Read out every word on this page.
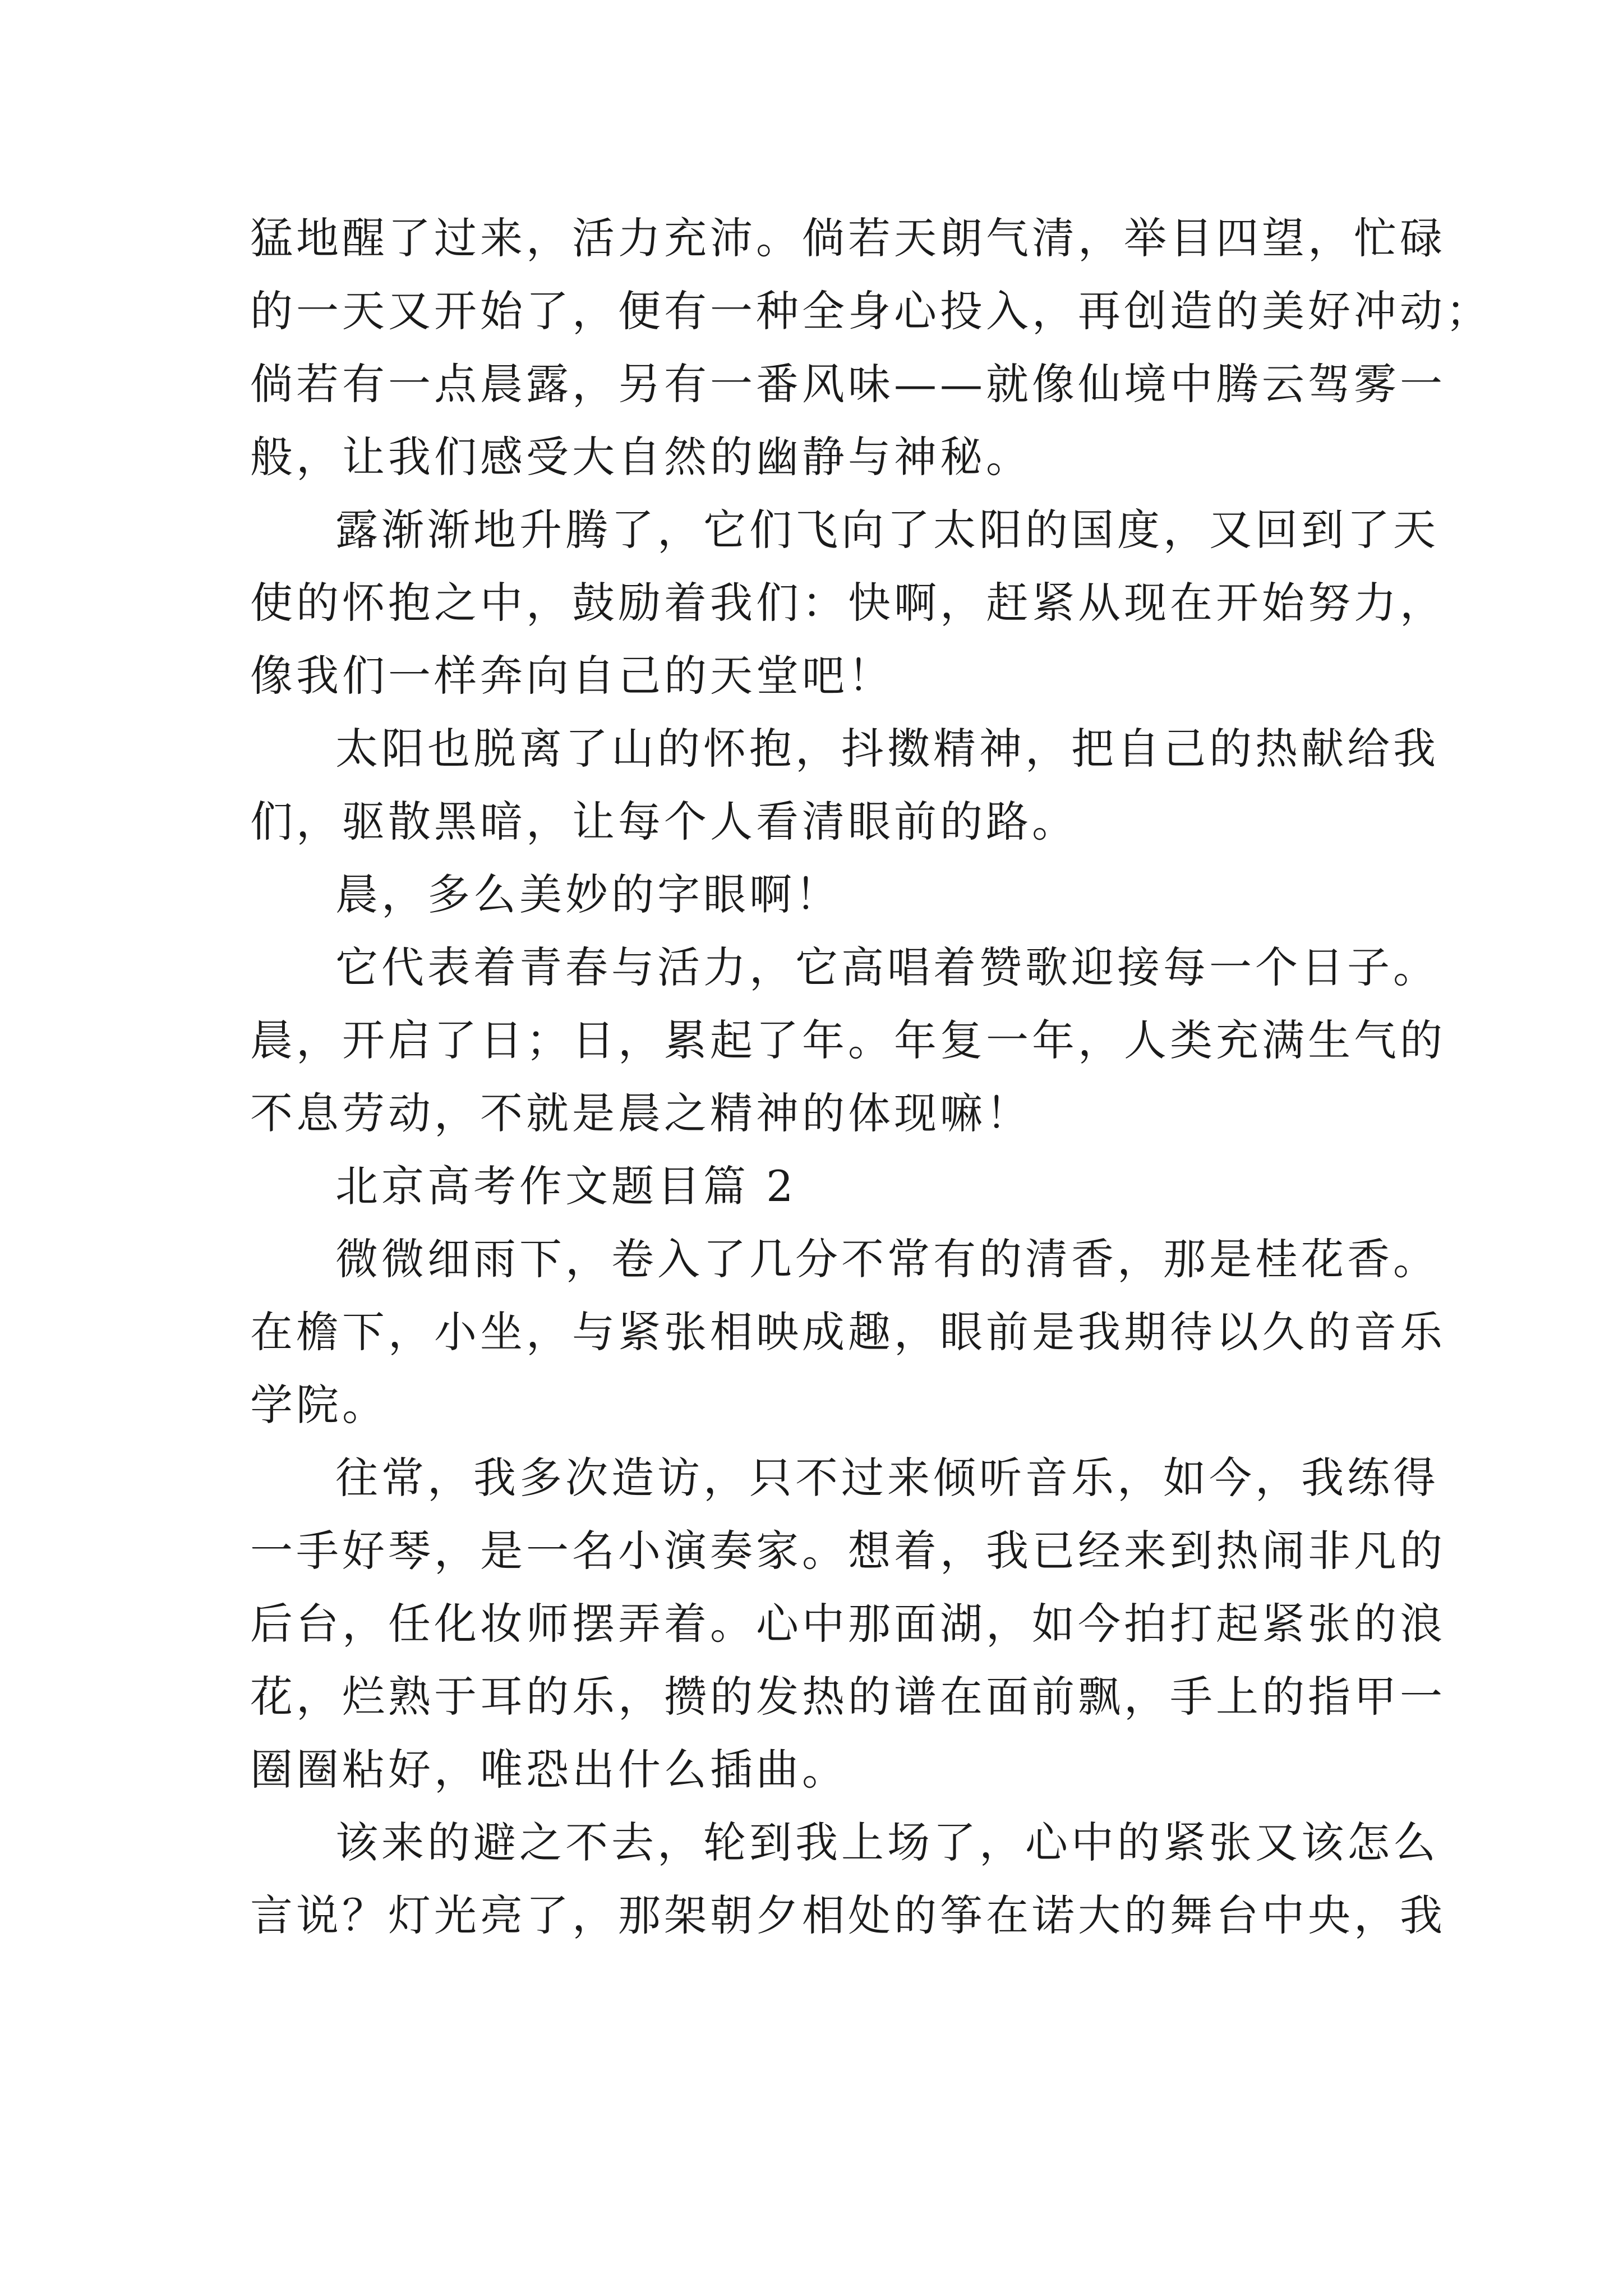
猛地醒了过来，活力充沛。倘若天朗气清，举目四望，忙碌
的一天又开始了，便有一种全身心投入，再创造的美好冲动；
倘若有一点晨露，另有一番风味——就像仙境中腾云驾雾一
般，让我们感受大自然的幽静与神秘。
露渐渐地升腾了，它们飞向了太阳的国度，又回到了天
使的怀抱之中，鼓励着我们：快啊，赶紧从现在开始努力，
像我们一样奔向自己的天堂吧！
太阳也脱离了山的怀抱，抖擞精神，把自己的热献给我
们，驱散黑暗，让每个人看清眼前的路。
晨，多么美妙的字眼啊！
它代表着青春与活力，它高唱着赞歌迎接每一个日子。
晨，开启了日；日，累起了年。年复一年，人类充满生气的
不息劳动，不就是晨之精神的体现嘛！
北京高考作文题目篇 2
微微细雨下，卷入了几分不常有的清香，那是桂花香。
在檐下，小坐，与紧张相映成趣，眼前是我期待以久的音乐
学院。
往常，我多次造访，只不过来倾听音乐，如今，我练得
一手好琴，是一名小演奏家。想着，我已经来到热闹非凡的
后台，任化妆师摆弄着。心中那面湖，如今拍打起紧张的浪
花，烂熟于耳的乐，攒的发热的谱在面前飘，手上的指甲一
圈圈粘好，唯恐出什么插曲。
该来的避之不去，轮到我上场了，心中的紧张又该怎么
言说？灯光亮了，那架朝夕相处的筝在诺大的舞台中央，我
